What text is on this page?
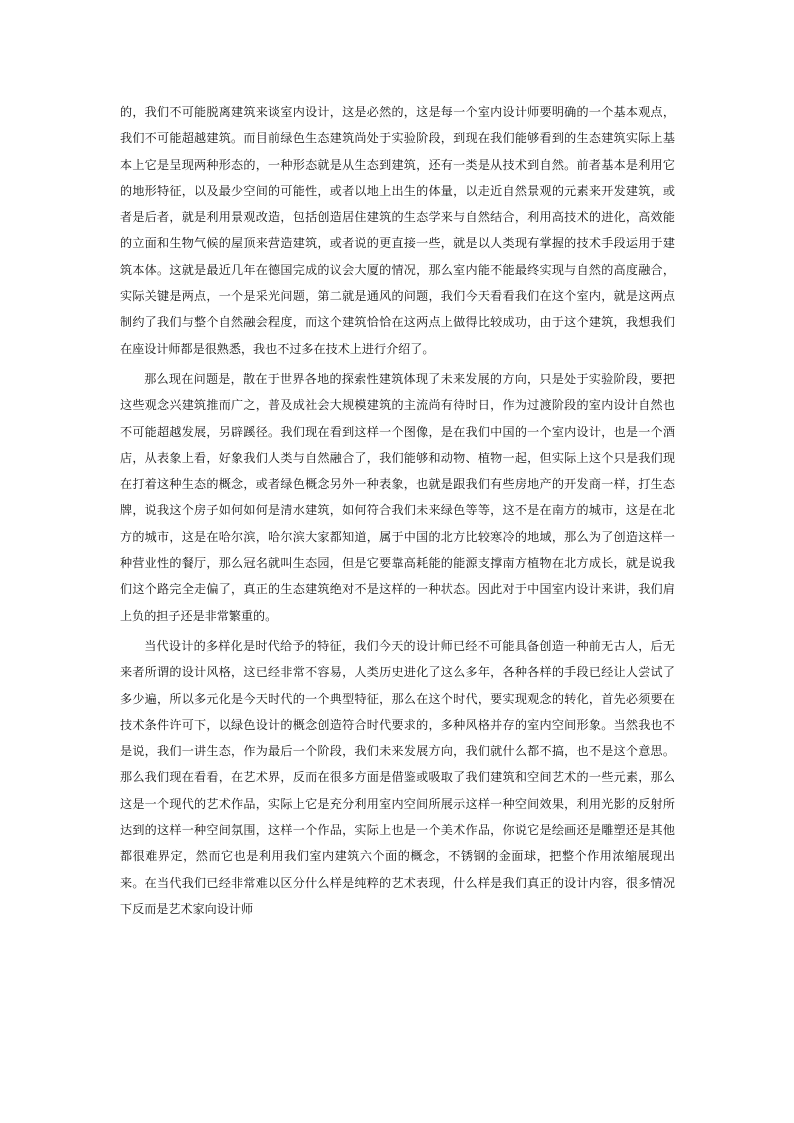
的，我们不可能脱离建筑来谈室内设计，这是必然的，这是每一个室内设计师要明确的一个基本观点，我们不可能超越建筑。而目前绿色生态建筑尚处于实验阶段，到现在我们能够看到的生态建筑实际上基本上它是呈现两种形态的，一种形态就是从生态到建筑，还有一类是从技术到自然。前者基本是利用它的地形特征，以及最少空间的可能性，或者以地上出生的体量，以走近自然景观的元素来开发建筑，或者是后者，就是利用景观改造，包括创造居住建筑的生态学来与自然结合，利用高技术的进化，高效能的立面和生物气候的屋顶来营造建筑，或者说的更直接一些，就是以人类现有掌握的技术手段运用于建筑本体。这就是最近几年在德国完成的议会大厦的情况，那么室内能不能最终实现与自然的高度融合，实际关键是两点，一个是采光问题，第二就是通风的问题，我们今天看看我们在这个室内，就是这两点制约了我们与整个自然融会程度，而这个建筑恰恰在这两点上做得比较成功，由于这个建筑，我想我们在座设计师都是很熟悉，我也不过多在技术上进行介绍了。

那么现在问题是，散在于世界各地的探索性建筑体现了未来发展的方向，只是处于实验阶段，要把这些观念兴建筑推而广之，普及成社会大规模建筑的主流尚有待时日，作为过渡阶段的室内设计自然也不可能超越发展，另辟蹊径。我们现在看到这样一个图像，是在我们中国的一个室内设计，也是一个酒店，从表象上看，好象我们人类与自然融合了，我们能够和动物、植物一起，但实际上这个只是我们现在打着这种生态的概念，或者绿色概念另外一种表象，也就是跟我们有些房地产的开发商一样，打生态牌，说我这个房子如何如何是清水建筑，如何符合我们未来绿色等等，这不是在南方的城市，这是在北方的城市，这是在哈尔滨，哈尔滨大家都知道，属于中国的北方比较寒冷的地域，那么为了创造这样一种营业性的餐厅，那么冠名就叫生态园，但是它要靠高耗能的能源支撑南方植物在北方成长，就是说我们这个路完全走偏了，真正的生态建筑绝对不是这样的一种状态。因此对于中国室内设计来讲，我们肩上负的担子还是非常繁重的。

当代设计的多样化是时代给予的特征，我们今天的设计师已经不可能具备创造一种前无古人，后无来者所谓的设计风格，这已经非常不容易，人类历史进化了这么多年，各种各样的手段已经让人尝试了多少遍，所以多元化是今天时代的一个典型特征，那么在这个时代，要实现观念的转化，首先必须要在技术条件许可下，以绿色设计的概念创造符合时代要求的，多种风格并存的室内空间形象。当然我也不是说，我们一讲生态，作为最后一个阶段，我们未来发展方向，我们就什么都不搞，也不是这个意思。那么我们现在看看，在艺术界，反而在很多方面是借鉴或吸取了我们建筑和空间艺术的一些元素，那么这是一个现代的艺术作品，实际上它是充分利用室内空间所展示这样一种空间效果，利用光影的反射所达到的这样一种空间氛围，这样一个作品，实际上也是一个美术作品，你说它是绘画还是雕塑还是其他都很难界定，然而它也是利用我们室内建筑六个面的概念，不锈钢的金面球，把整个作用浓缩展现出来。在当代我们已经非常难以区分什么样是纯粹的艺术表现，什么样是我们真正的设计内容，很多情况下反而是艺术家向设计师
